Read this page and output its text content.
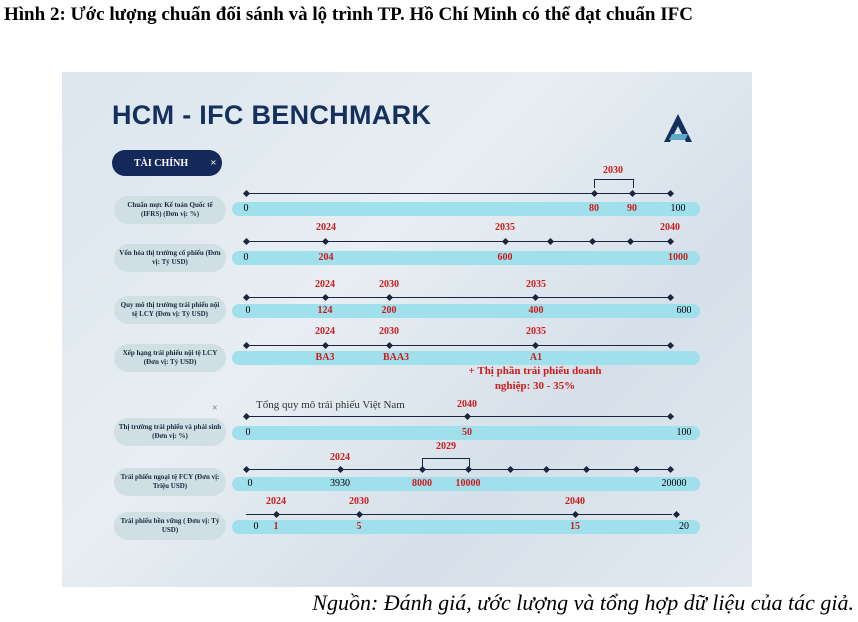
Hình 2: Ước lượng chuẩn đối sánh và lộ trình TP. Hồ Chí Minh có thể đạt chuẩn IFC
HCM - IFC BENCHMARK
TÀI CHÍNH ×
Chuẩn mực Kế toán Quốc tế (IFRS) (Đơn vị: %)
2030
0	80	90	100
Vốn hóa thị trường cổ phiếu (Đơn vị: Tỷ USD)
2024	2035	2040
0	204	600	1000
Quy mô thị trường trái phiếu nội tệ LCY (Đơn vị: Tỷ USD)
2024	2030	2035
0	124	200	400	600
Xếp hạng trái phiếu nội tệ LCY (Đơn vị: Tỷ USD)
2024	2030	2035
BA3	BAA3	A1
+ Thị phần trái phiếu doanh nghiệp: 30 - 35%
Thị trường trái phiếu và phái sinh (Đơn vị: %)
×	Tổng quy mô trái phiếu Việt Nam	2040
0	50	100
Trái phiếu ngoại tệ FCY (Đơn vị: Triệu USD)
2024
2029
0	3930	8000 10000	20000
Trái phiếu bền vững ( Đơn vị: Tỷ USD)
2024	2030	2040
0 1	5	15	20
Nguồn: Đánh giá, ước lượng và tổng hợp dữ liệu của tác giả.
